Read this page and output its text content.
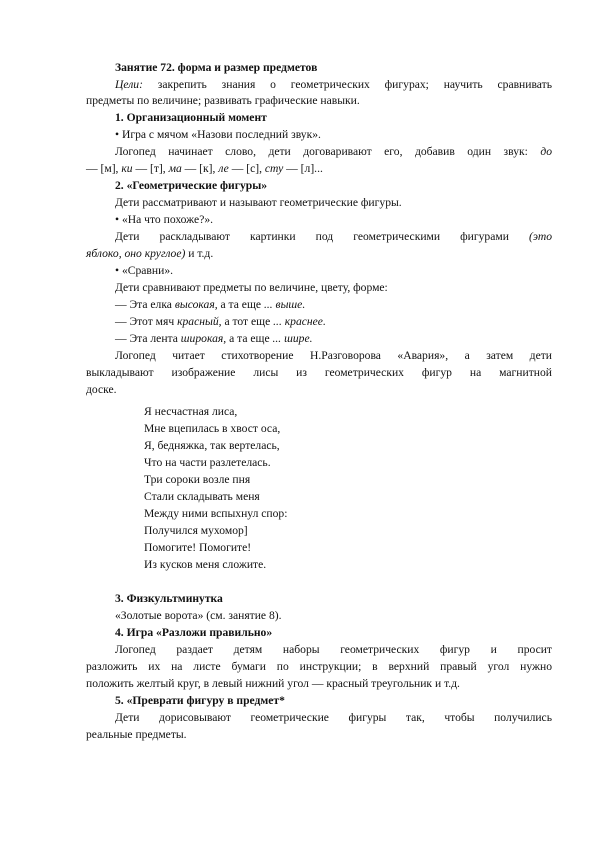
Занятие 72. форма и размер предметов
Цели: закрепить знания о геометрических фигурах; научить сравнивать
предметы по величине; развивать графические навыки.
1. Организационный момент
• Игра с мячом «Назови последний звук».
Логопед начинает слово, дети договаривают его, добавив один звук: до
— [м], ки — [т], ма — [к], ле — [с], сту — [л]...
2. «Геометрические фигуры»
Дети рассматривают и называют геометрические фигуры.
• «На что похоже?».
Дети раскладывают картинки под геометрическими фигурами (это
яблоко, оно круглое) и т.д.
• «Сравни».
Дети сравнивают предметы по величине, цвету, форме:
— Эта елка высокая, а та еще ... выше.
— Этот мяч красный, а тот еще ... краснее.
— Эта лента широкая, а та еще ... шире.
Логопед читает стихотворение Н.Разговорова «Авария», а затем дети
выкладывают изображение лисы из геометрических фигур на магнитной
доске.
Я несчастная лиса,
Мне вцепилась в хвост оса,
Я, бедняжка, так вертелась,
Что на части разлетелась.
Три сороки возле пня
Стали складывать меня
Между ними вспыхнул спор:
Получился мухомор]
Помогите! Помогите!
Из кусков меня сложите.
3. Физкультминутка
«Золотые ворота» (см. занятие 8).
4. Игра «Разложи правильно»
Логопед раздает детям наборы геометрических фигур и просит
разложить их на листе бумаги по инструкции; в верхний правый угол нужно
положить желтый круг, в левый нижний угол — красный треугольник и т.д.
5. «Преврати фигуру в предмет*
Дети дорисовывают геометрические фигуры так, чтобы получились
реальные предметы.
